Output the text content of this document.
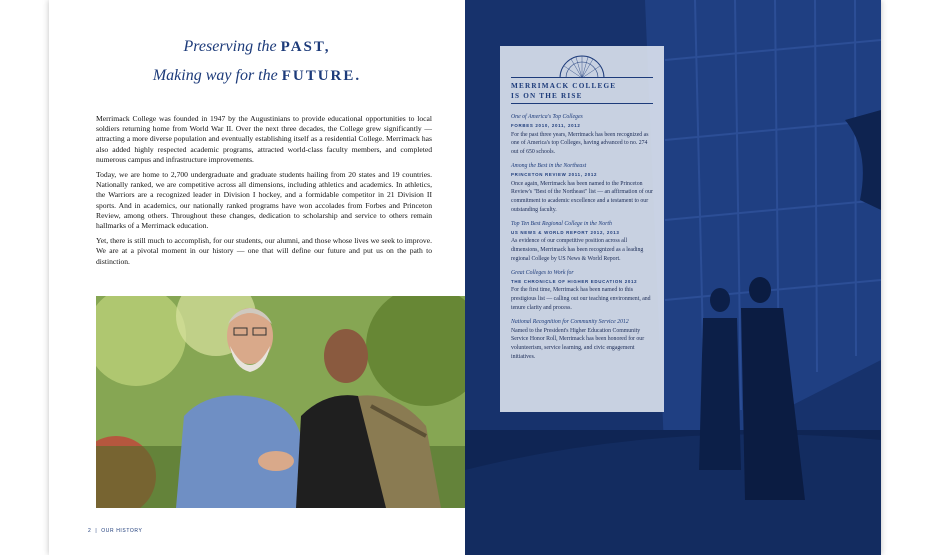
Preserving the PAST,
Making way for the FUTURE.

Merrimack College was founded in 1947 by the Augustinians to provide educational opportunities to local soldiers returning home from World War II. Over the next three decades, the College grew significantly — attracting a more diverse population and eventually establishing itself as a residential College. Merrimack has also added highly respected academic programs, attracted world-class faculty members, and completed numerous campus and infrastructure improvements.

Today, we are home to 2,700 undergraduate and graduate students hailing from 20 states and 19 countries. Nationally ranked, we are competitive across all dimensions, including athletics and academics. In athletics, the Warriors are a recognized leader in Division I hockey, and a formidable competitor in 21 Division II sports. And in academics, our nationally ranked programs have won accolades from Forbes and Princeton Review, among others. Throughout these changes, dedication to scholarship and service to others remain hallmarks of a Merrimack education.

Yet, there is still much to accomplish, for our students, our alumni, and those whose lives we seek to improve. We are at a pivotal moment in our history — one that will define our future and put us on the path to distinction.

2 | OUR HISTORY
MERRIMACK COLLEGE
IS ON THE RISE
One of America's Top Colleges
FORBES 2010, 2011, 2012
For the past three years, Merrimack has been recognized as one of America's top Colleges, having advanced to no. 274 out of 650 schools.
Among the Best in the Northeast
PRINCETON REVIEW 2011, 2012
Once again, Merrimack has been named to the Princeton Review's "Best of the Northeast" list — an affirmation of our commitment to academic excellence and a testament to our outstanding faculty.
Top Ten Best Regional College in the North
US NEWS & WORLD REPORT 2012, 2013
As evidence of our competitive position across all dimensions, Merrimack has been recognized as a leading regional College by US News & World Report.
Great Colleges to Work for
THE CHRONICLE OF HIGHER EDUCATION 2012
For the first time, Merrimack has been named to this prestigious list — calling out our teaching environment, and tenure clarity and process.
National Recognition for Community Service 2012
Named to the President's Higher Education Community Service Honor Roll, Merrimack has been honored for our volunteerism, service learning, and civic engagement initiatives.
